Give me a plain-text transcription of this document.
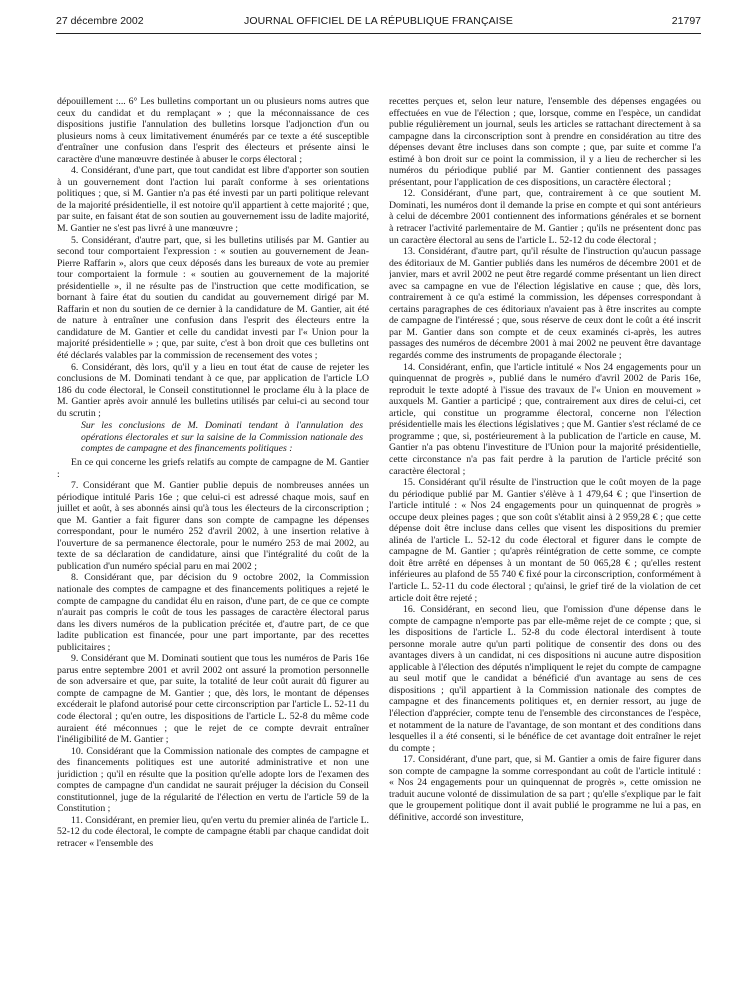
27 décembre 2002	JOURNAL OFFICIEL DE LA RÉPUBLIQUE FRANÇAISE	21797

dépouillement :... 6° Les bulletins comportant un ou plusieurs noms autres que ceux du candidat et du remplaçant » ; que la méconnaissance de ces dispositions justifie l'annulation des bulletins lorsque l'adjonction d'un ou plusieurs noms à ceux limitativement énumérés par ce texte a été susceptible d'entraîner une confusion dans l'esprit des électeurs et présente ainsi le caractère d'une manœuvre destinée à abuser le corps électoral ;

4. Considérant, d'une part, que tout candidat est libre d'apporter son soutien à un gouvernement dont l'action lui paraît conforme à ses orientations politiques ; que, si M. Gantier n'a pas été investi par un parti politique relevant de la majorité présidentielle, il est notoire qu'il appartient à cette majorité ; que, par suite, en faisant état de son soutien au gouvernement issu de ladite majorité, M. Gantier ne s'est pas livré à une manœuvre ;

5. Considérant, d'autre part, que, si les bulletins utilisés par M. Gantier au second tour comportaient l'expression : « soutien au gouvernement de Jean-Pierre Raffarin », alors que ceux déposés dans les bureaux de vote au premier tour comportaient la formule : « soutien au gouvernement de la majorité présidentielle », il ne résulte pas de l'instruction que cette modification, se bornant à faire état du soutien du candidat au gouvernement dirigé par M. Raffarin et non du soutien de ce dernier à la candidature de M. Gantier, ait été de nature à entraîner une confusion dans l'esprit des électeurs entre la candidature de M. Gantier et celle du candidat investi par l'« Union pour la majorité présidentielle » ; que, par suite, c'est à bon droit que ces bulletins ont été déclarés valables par la commission de recensement des votes ;

6. Considérant, dès lors, qu'il y a lieu en tout état de cause de rejeter les conclusions de M. Dominati tendant à ce que, par application de l'article LO 186 du code électoral, le Conseil constitutionnel le proclame élu à la place de M. Gantier après avoir annulé les bulletins utilisés par celui-ci au second tour du scrutin ;

Sur les conclusions de M. Dominati tendant à l'annulation des opérations électorales et sur la saisine de la Commission nationale des comptes de campagne et des financements politiques :

En ce qui concerne les griefs relatifs au compte de campagne de M. Gantier :

7. Considérant que M. Gantier publie depuis de nombreuses années un périodique intitulé Paris 16e ; que celui-ci est adressé chaque mois, sauf en juillet et août, à ses abonnés ainsi qu'à tous les électeurs de la circonscription ; que M. Gantier a fait figurer dans son compte de campagne les dépenses correspondant, pour le numéro 252 d'avril 2002, à une insertion relative à l'ouverture de sa permanence électorale, pour le numéro 253 de mai 2002, au texte de sa déclaration de candidature, ainsi que l'intégralité du coût de la publication d'un numéro spécial paru en mai 2002 ;

8. Considérant que, par décision du 9 octobre 2002, la Commission nationale des comptes de campagne et des financements politiques a rejeté le compte de campagne du candidat élu en raison, d'une part, de ce que ce compte n'aurait pas compris le coût de tous les passages de caractère électoral parus dans les divers numéros de la publication précitée et, d'autre part, de ce que ladite publication est financée, pour une part importante, par des recettes publicitaires ;

9. Considérant que M. Dominati soutient que tous les numéros de Paris 16e parus entre septembre 2001 et avril 2002 ont assuré la promotion personnelle de son adversaire et que, par suite, la totalité de leur coût aurait dû figurer au compte de campagne de M. Gantier ; que, dès lors, le montant de dépenses excéderait le plafond autorisé pour cette circonscription par l'article L. 52-11 du code électoral ; qu'en outre, les dispositions de l'article L. 52-8 du même code auraient été méconnues ; que le rejet de ce compte devrait entraîner l'inéligibilité de M. Gantier ;

10. Considérant que la Commission nationale des comptes de campagne et des financements politiques est une autorité administrative et non une juridiction ; qu'il en résulte que la position qu'elle adopte lors de l'examen des comptes de campagne d'un candidat ne saurait préjuger la décision du Conseil constitutionnel, juge de la régularité de l'élection en vertu de l'article 59 de la Constitution ;

11. Considérant, en premier lieu, qu'en vertu du premier alinéa de l'article L. 52-12 du code électoral, le compte de campagne établi par chaque candidat doit retracer « l'ensemble des

recettes perçues et, selon leur nature, l'ensemble des dépenses engagées ou effectuées en vue de l'élection ; que, lorsque, comme en l'espèce, un candidat publie régulièrement un journal, seuls les articles se rattachant directement à sa campagne dans la circonscription sont à prendre en considération au titre des dépenses devant être incluses dans son compte ; que, par suite et comme l'a estimé à bon droit sur ce point la commission, il y a lieu de rechercher si les numéros du périodique publié par M. Gantier contiennent des passages présentant, pour l'application de ces dispositions, un caractère électoral ;

12. Considérant, d'une part, que, contrairement à ce que soutient M. Dominati, les numéros dont il demande la prise en compte et qui sont antérieurs à celui de décembre 2001 contiennent des informations générales et se bornent à retracer l'activité parlementaire de M. Gantier ; qu'ils ne présentent donc pas un caractère électoral au sens de l'article L. 52-12 du code électoral ;

13. Considérant, d'autre part, qu'il résulte de l'instruction qu'aucun passage des éditoriaux de M. Gantier publiés dans les numéros de décembre 2001 et de janvier, mars et avril 2002 ne peut être regardé comme présentant un lien direct avec sa campagne en vue de l'élection législative en cause ; que, dès lors, contrairement à ce qu'a estimé la commission, les dépenses correspondant à certains paragraphes de ces éditoriaux n'avaient pas à être inscrites au compte de campagne de l'intéressé ; que, sous réserve de ceux dont le coût a été inscrit par M. Gantier dans son compte et de ceux examinés ci-après, les autres passages des numéros de décembre 2001 à mai 2002 ne peuvent être davantage regardés comme des instruments de propagande électorale ;

14. Considérant, enfin, que l'article intitulé « Nos 24 engagements pour un quinquennat de progrès », publié dans le numéro d'avril 2002 de Paris 16e, reproduit le texte adopté à l'issue des travaux de l'« Union en mouvement » auxquels M. Gantier a participé ; que, contrairement aux dires de celui-ci, cet article, qui constitue un programme électoral, concerne non l'élection présidentielle mais les élections législatives ; que M. Gantier s'est réclamé de ce programme ; que, si, postérieurement à la publication de l'article en cause, M. Gantier n'a pas obtenu l'investiture de l'Union pour la majorité présidentielle, cette circonstance n'a pas fait perdre à la parution de l'article précité son caractère électoral ;

15. Considérant qu'il résulte de l'instruction que le coût moyen de la page du périodique publié par M. Gantier s'élève à 1 479,64 € ; que l'insertion de l'article intitulé : « Nos 24 engagements pour un quinquennat de progrès » occupe deux pleines pages ; que son coût s'établit ainsi à 2 959,28 € ; que cette dépense doit être incluse dans celles que visent les dispositions du premier alinéa de l'article L. 52-12 du code électoral et figurer dans le compte de campagne de M. Gantier ; qu'après réintégration de cette somme, ce compte doit être arrêté en dépenses à un montant de 50 065,28 € ; qu'elles restent inférieures au plafond de 55 740 € fixé pour la circonscription, conformément à l'article L. 52-11 du code électoral ; qu'ainsi, le grief tiré de la violation de cet article doit être rejeté ;

16. Considérant, en second lieu, que l'omission d'une dépense dans le compte de campagne n'emporte pas par elle-même rejet de ce compte ; que, si les dispositions de l'article L. 52-8 du code électoral interdisent à toute personne morale autre qu'un parti politique de consentir des dons ou des avantages divers à un candidat, ni ces dispositions ni aucune autre disposition applicable à l'élection des députés n'impliquent le rejet du compte de campagne au seul motif que le candidat a bénéficié d'un avantage au sens de ces dispositions ; qu'il appartient à la Commission nationale des comptes de campagne et des financements politiques et, en dernier ressort, au juge de l'élection d'apprécier, compte tenu de l'ensemble des circonstances de l'espèce, et notamment de la nature de l'avantage, de son montant et des conditions dans lesquelles il a été consenti, si le bénéfice de cet avantage doit entraîner le rejet du compte ;

17. Considérant, d'une part, que, si M. Gantier a omis de faire figurer dans son compte de campagne la somme correspondant au coût de l'article intitulé : « Nos 24 engagements pour un quinquennat de progrès », cette omission ne traduit aucune volonté de dissimulation de sa part ; qu'elle s'explique par le fait que le groupement politique dont il avait publié le programme ne lui a pas, en définitive, accordé son investiture,
